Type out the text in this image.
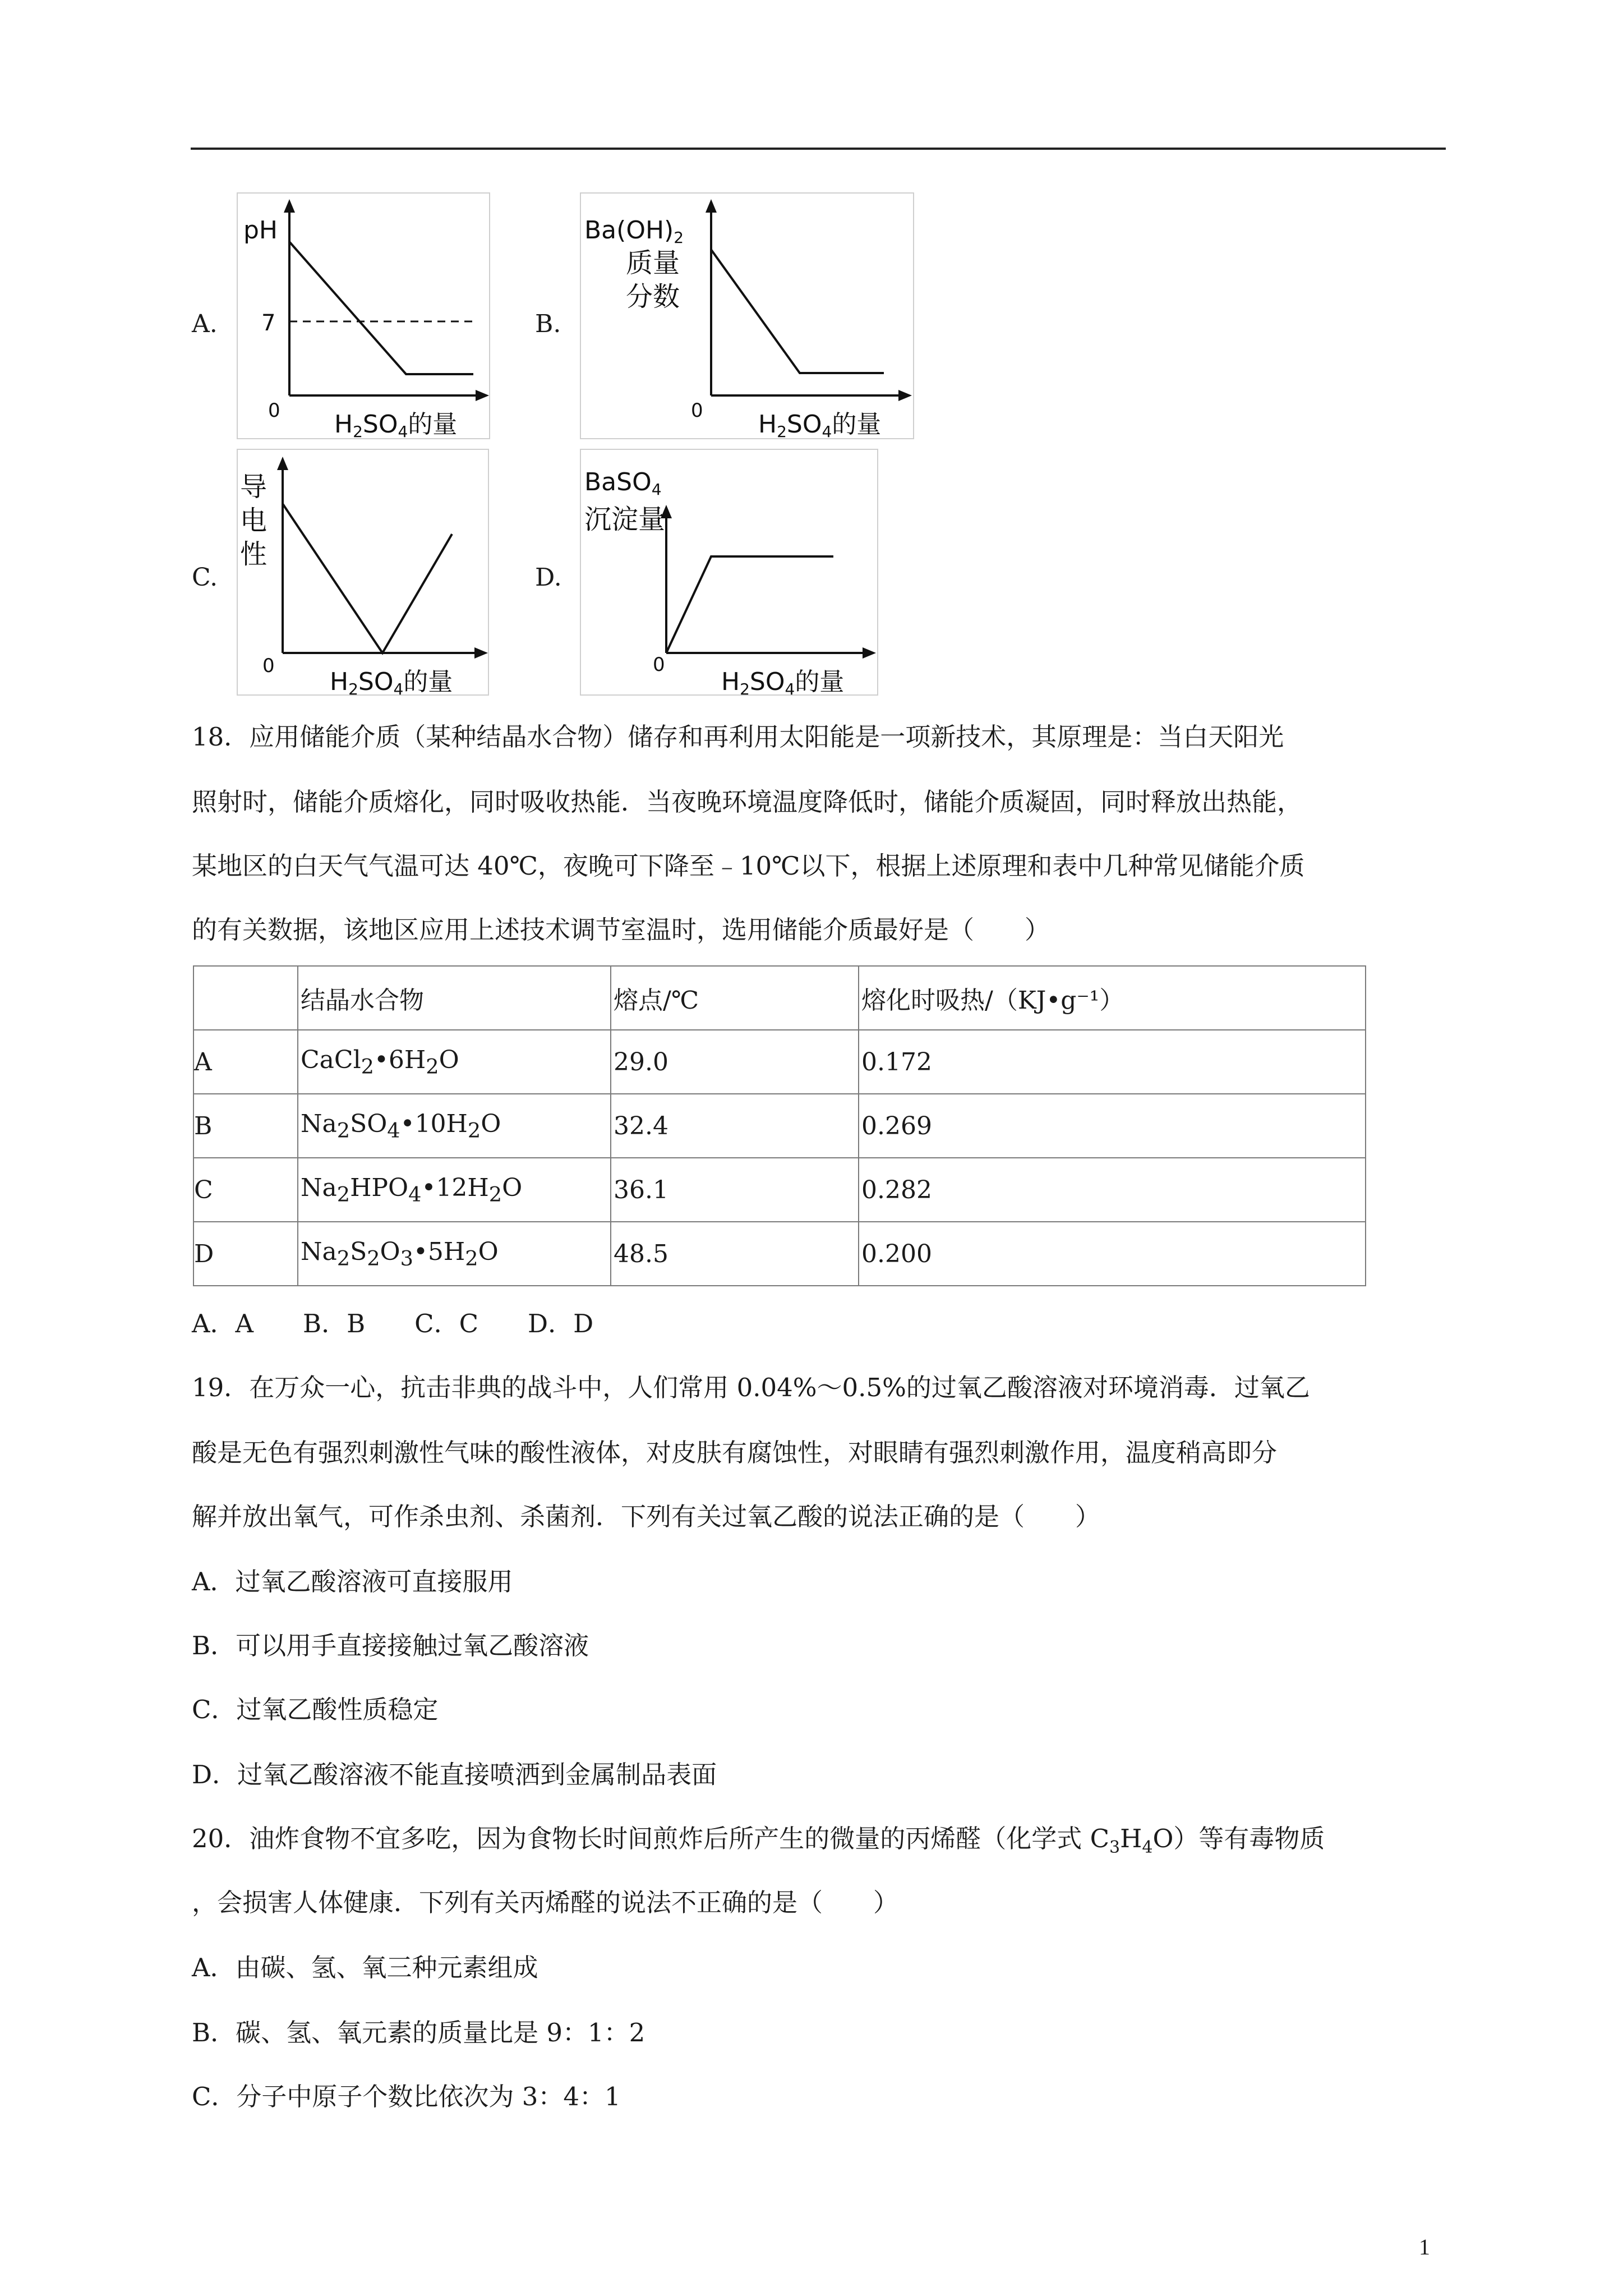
A.
pH
7
0 H2SO4的量
B.
Ba(OH)2
质量
分数
0 H2SO4的量
C.
导
电
性
0
H2SO4的量
D.
BaSO4
沉淀量
0
H2SO4的量
18．应用储能介质（某种结晶水合物）储存和再利用太阳能是一项新技术，其原理是：当白天阳光
照射时，储能介质熔化，同时吸收热能．当夜晚环境温度降低时，储能介质凝固，同时释放出热能，
某地区的白天气气温可达 40℃，夜晚可下降至﹣10℃以下，根据上述原理和表中几种常见储能介质
的有关数据，该地区应用上述技术调节室温时，选用储能介质最好是（　　）
	结晶水合物	熔点/℃	熔化时吸热/（KJ•g⁻¹）
A	$CaCl_2•6H_2O$	29.0	0.172
B	$Na_2SO_4•10H_2O$	32.4	0.269
C	$Na_2HPO_4•12H_2O$	36.1	0.282
D	$Na_2S_2O_3•5H_2O$	48.5	0.200
A．A B．B C．C D．D
19．在万众一心，抗击非典的战斗中，人们常用 0.04%～0.5%的过氧乙酸溶液对环境消毒．过氧乙
酸是无色有强烈刺激性气味的酸性液体，对皮肤有腐蚀性，对眼睛有强烈刺激作用，温度稍高即分
解并放出氧气，可作杀虫剂、杀菌剂．下列有关过氧乙酸的说法正确的是（　　）
A．过氧乙酸溶液可直接服用
B．可以用手直接接触过氧乙酸溶液
C．过氧乙酸性质稳定
D．过氧乙酸溶液不能直接喷洒到金属制品表面
20．油炸食物不宜多吃，因为食物长时间煎炸后所产生的微量的丙烯醛（化学式 $C_3H_4O$）等有毒物质
，会损害人体健康．下列有关丙烯醛的说法不正确的是（　　）
A．由碳、氢、氧三种元素组成
B．碳、氢、氧元素的质量比是 9：1：2
C．分子中原子个数比依次为 3：4：1
1
